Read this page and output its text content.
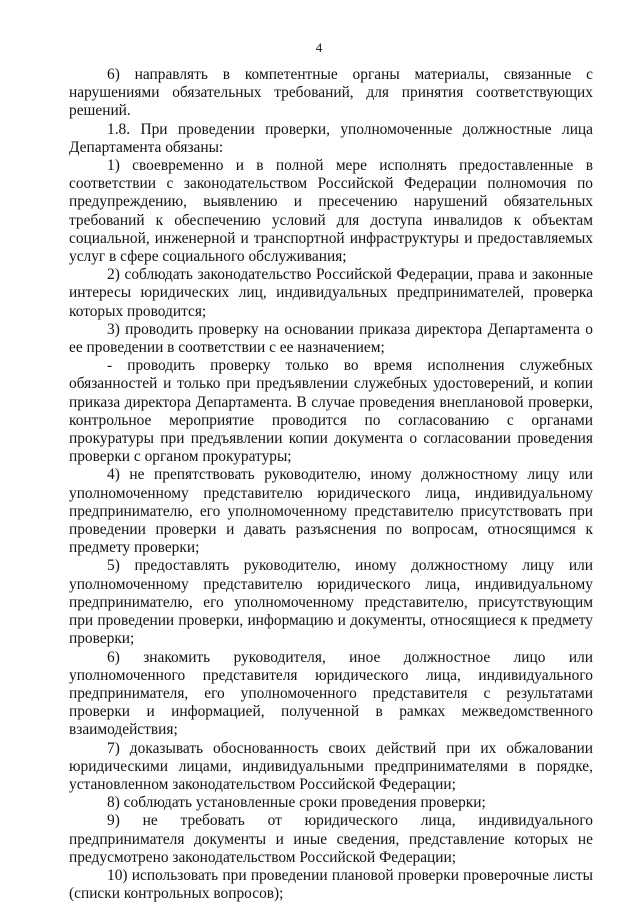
4

6) направлять в компетентные органы материалы, связанные с нарушениями обязательных требований, для принятия соответствующих решений.

1.8. При проведении проверки, уполномоченные должностные лица Департамента обязаны:

1) своевременно и в полной мере исполнять предоставленные в соответствии с законодательством Российской Федерации полномочия по предупреждению, выявлению и пресечению нарушений обязательных требований к обеспечению условий для доступа инвалидов к объектам социальной, инженерной и транспортной инфраструктуры и предоставляемых услуг в сфере социального обслуживания;

2) соблюдать законодательство Российской Федерации, права и законные интересы юридических лиц, индивидуальных предпринимателей, проверка которых проводится;

3) проводить проверку на основании приказа директора Департамента о ее проведении в соответствии с ее назначением;

- проводить проверку только во время исполнения служебных обязанностей и только при предъявлении служебных удостоверений, и копии приказа директора Департамента. В случае проведения внеплановой проверки, контрольное мероприятие проводится по согласованию с органами прокуратуры при предъявлении копии документа о согласовании проведения проверки с органом прокуратуры;

4) не препятствовать руководителю, иному должностному лицу или уполномоченному представителю юридического лица, индивидуальному предпринимателю, его уполномоченному представителю присутствовать при проведении проверки и давать разъяснения по вопросам, относящимся к предмету проверки;

5) предоставлять руководителю, иному должностному лицу или уполномоченному представителю юридического лица, индивидуальному предпринимателю, его уполномоченному представителю, присутствующим при проведении проверки, информацию и документы, относящиеся к предмету проверки;

6) знакомить руководителя, иное должностное лицо или уполномоченного представителя юридического лица, индивидуального предпринимателя, его уполномоченного представителя с результатами проверки и информацией, полученной в рамках межведомственного взаимодействия;

7) доказывать обоснованность своих действий при их обжаловании юридическими лицами, индивидуальными предпринимателями в порядке, установленном законодательством Российской Федерации;

8) соблюдать установленные сроки проведения проверки;

9) не требовать от юридического лица, индивидуального предпринимателя документы и иные сведения, представление которых не предусмотрено законодательством Российской Федерации;

10) использовать при проведении плановой проверки проверочные листы (списки контрольных вопросов);
